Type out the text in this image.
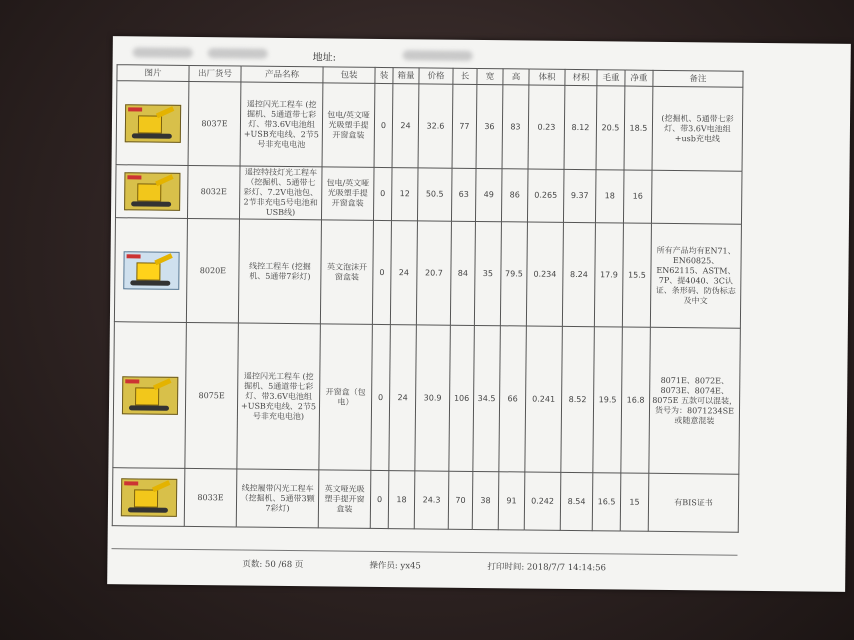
地址:
图片	出厂货号	产品名称	包装	装	箱量	价格	长	宽	高	体积	材积	毛重	净重	备注

	8037E	遥控闪光工程车 (挖掘机、5通道带七彩灯、带3.6V电池组+USB充电线、2节5号非充电电池	包电/英文哑光吸塑手提开窗盒装	0	24	32.6	77	36	83	0.23	8.12	20.5	18.5	(挖掘机、5通带七彩灯、带3.6V电池组+usb充电线

	8032E	遥控特技灯光工程车（挖掘机、5通带七彩灯、7.2V电池包、2节非充电5号电池和USB线)	包电/英文哑光吸塑手提开窗盒装	0	12	50.5	63	49	86	0.265	9.37	18	16	

	8020E	线控工程车 (挖掘机、5通带7彩灯)	英文泡沫开窗盒装	0	24	20.7	84	35	79.5	0.234	8.24	17.9	15.5	所有产品均有EN71、EN60825、EN62115、ASTM、7P、提4040、3C认证、条形码、防伪标志及中文

	8075E	遥控闪光工程车 (挖掘机、5通道带七彩灯、带3.6V电池组+USB充电线、2节5号非充电电池)	开窗盒（包电）	0	24	30.9	106	34.5	66	0.241	8.52	19.5	16.8	8071E、8072E、8073E、8074E、8075E 五款可以混装，货号为：8071234SE 或随意混装

	8033E	线控履带闪光工程车（挖掘机、5通带3颗7彩灯)	英文哑光吸塑手提开窗盒装	0	18	24.3	70	38	91	0.242	8.54	16.5	15	有BIS证书
页数: 50 /68 页	操作员: yx45	打印时间: 2018/7/7 14:14:56
